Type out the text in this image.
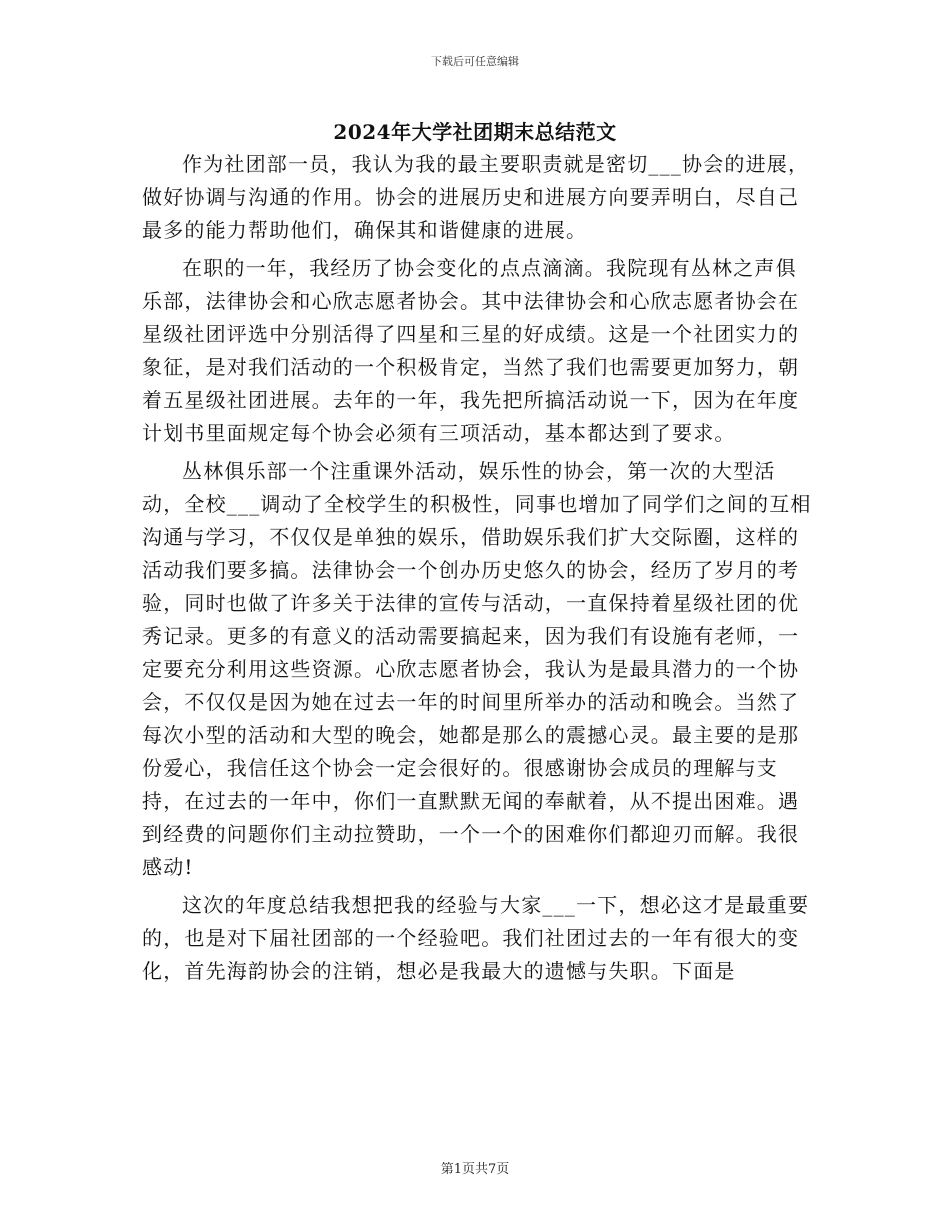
下载后可任意编辑
2024年大学社团期末总结范文

作为社团部一员，我认为我的最主要职责就是密切___协会的进展，做好协调与沟通的作用。协会的进展历史和进展方向要弄明白，尽自己最多的能力帮助他们，确保其和谐健康的进展。

在职的一年，我经历了协会变化的点点滴滴。我院现有丛林之声俱乐部，法律协会和心欣志愿者协会。其中法律协会和心欣志愿者协会在星级社团评选中分别活得了四星和三星的好成绩。这是一个社团实力的象征，是对我们活动的一个积极肯定，当然了我们也需要更加努力，朝着五星级社团进展。去年的一年，我先把所搞活动说一下，因为在年度计划书里面规定每个协会必须有三项活动，基本都达到了要求。

丛林俱乐部一个注重课外活动，娱乐性的协会，第一次的大型活动，全校___调动了全校学生的积极性，同事也增加了同学们之间的互相沟通与学习，不仅仅是单独的娱乐，借助娱乐我们扩大交际圈，这样的活动我们要多搞。法律协会一个创办历史悠久的协会，经历了岁月的考验，同时也做了许多关于法律的宣传与活动，一直保持着星级社团的优秀记录。更多的有意义的活动需要搞起来，因为我们有设施有老师，一定要充分利用这些资源。心欣志愿者协会，我认为是最具潜力的一个协会，不仅仅是因为她在过去一年的时间里所举办的活动和晚会。当然了每次小型的活动和大型的晚会，她都是那么的震撼心灵。最主要的是那份爱心，我信任这个协会一定会很好的。很感谢协会成员的理解与支持，在过去的一年中，你们一直默默无闻的奉献着，从不提出困难。遇到经费的问题你们主动拉赞助，一个一个的困难你们都迎刃而解。我很感动!

这次的年度总结我想把我的经验与大家___一下，想必这才是最重要的，也是对下届社团部的一个经验吧。我们社团过去的一年有很大的变化，首先海韵协会的注销，想必是我最大的遗憾与失职。下面是

第1页共7页
